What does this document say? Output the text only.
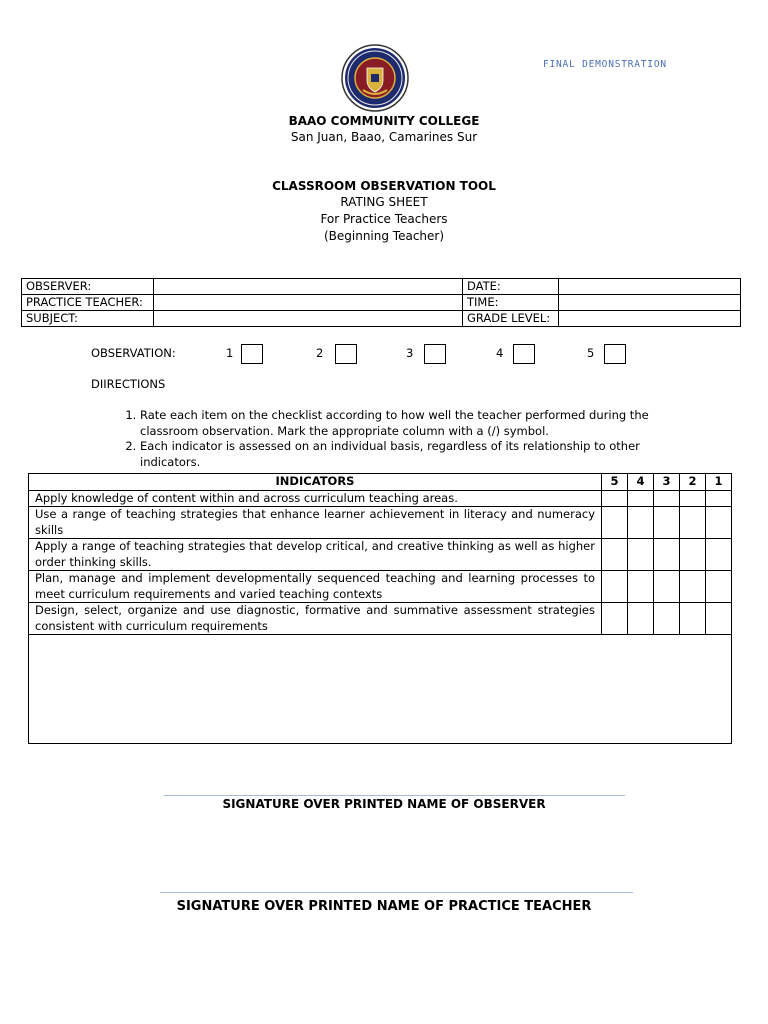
FINAL DEMONSTRATION
BAAO COMMUNITY COLLEGE
San Juan, Baao, Camarines Sur
CLASSROOM OBSERVATION TOOL
RATING SHEET
For Practice Teachers
(Beginning Teacher)
OBSERVER:		DATE:	
PRACTICE TEACHER:		TIME:	
SUBJECT:		GRADE LEVEL:	
OBSERVATION:	1	2	3	4	5
DIIRECTIONS
1. Rate each item on the checklist according to how well the teacher performed during the classroom observation. Mark the appropriate column with a (/) symbol.
2. Each indicator is assessed on an individual basis, regardless of its relationship to other indicators.
INDICATORS	5	4	3	2	1
Apply knowledge of content within and across curriculum teaching areas.					
Use a range of teaching strategies that enhance learner achievement in literacy and numeracy skills					
Apply a range of teaching strategies that develop critical, and creative thinking as well as higher order thinking skills.					
Plan, manage and implement developmentally sequenced teaching and learning processes to meet curriculum requirements and varied teaching contexts					
Design, select, organize and use diagnostic, formative and summative assessment strategies consistent with curriculum requirements					

SIGNATURE OVER PRINTED NAME OF OBSERVER
SIGNATURE OVER PRINTED NAME OF PRACTICE TEACHER
